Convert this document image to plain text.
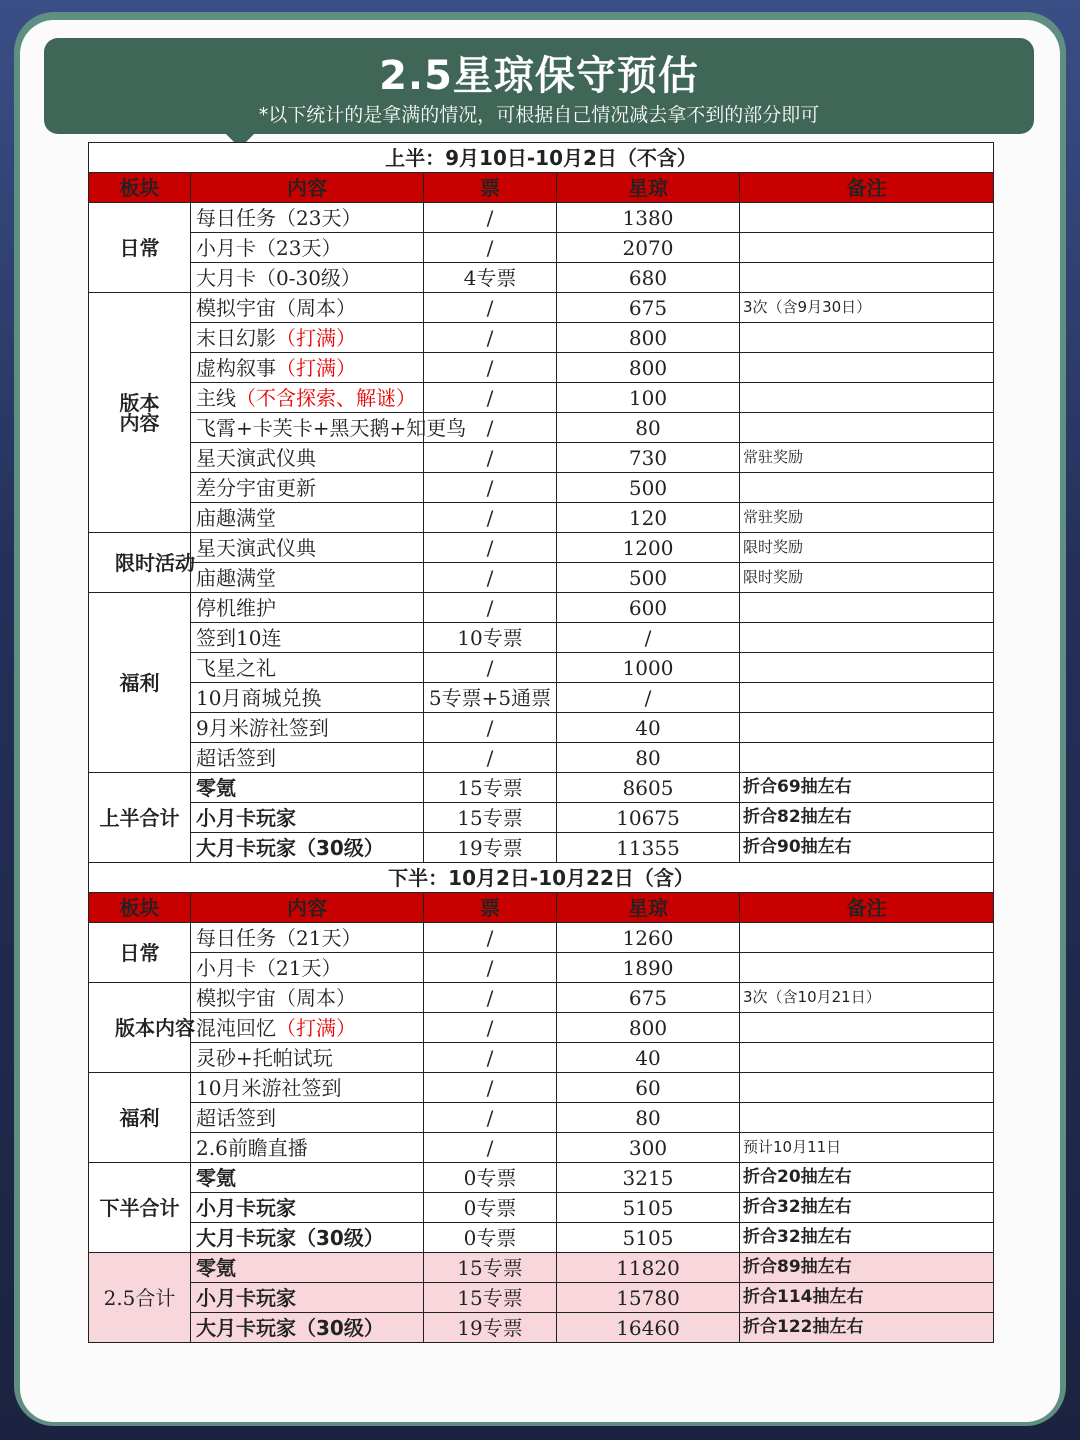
2.5星琼保守预估

*以下统计的是拿满的情况，可根据自己情况减去拿不到的部分即可

上半：9月10日-10月2日（不含）				
板块	内容	票	星琼	备注
日常	每日任务（23天）	/	1380	
	小月卡（23天）	/	2070	
	大月卡（0-30级）	4专票	680	
版本内容	模拟宇宙（周本）	/	675	3次（含9月30日）
	末日幻影（打满）	/	800	
	虚构叙事（打满）	/	800	
	主线（不含探索、解谜）	/	100	
	飞霄+卡芙卡+黑天鹅+知更鸟	/	80	
	星天演武仪典	/	730	常驻奖励
	差分宇宙更新	/	500	
	庙趣满堂	/	120	常驻奖励
限时活动	星天演武仪典	/	1200	限时奖励
	庙趣满堂	/	500	限时奖励
福利	停机维护	/	600	
	签到10连	10专票	/	
	飞星之礼	/	1000	
	10月商城兑换	5专票+5通票	/	
	9月米游社签到	/	40	
	超话签到	/	80	
上半合计	零氪	15专票	8605	折合69抽左右
	小月卡玩家	15专票	10675	折合82抽左右
	大月卡玩家（30级）	19专票	11355	折合90抽左右
下半：10月2日-10月22日（含）				
板块	内容	票	星琼	备注
日常	每日任务（21天）	/	1260	
	小月卡（21天）	/	1890	
版本内容	模拟宇宙（周本）	/	675	3次（含10月21日）
	混沌回忆（打满）	/	800	
	灵砂+托帕试玩	/	40	
福利	10月米游社签到	/	60	
	超话签到	/	80	
	2.6前瞻直播	/	300	预计10月11日
下半合计	零氪	0专票	3215	折合20抽左右
	小月卡玩家	0专票	5105	折合32抽左右
	大月卡玩家（30级）	0专票	5105	折合32抽左右
2.5合计	零氪	15专票	11820	折合89抽左右
	小月卡玩家	15专票	15780	折合114抽左右
	大月卡玩家（30级）	19专票	16460	折合122抽左右
